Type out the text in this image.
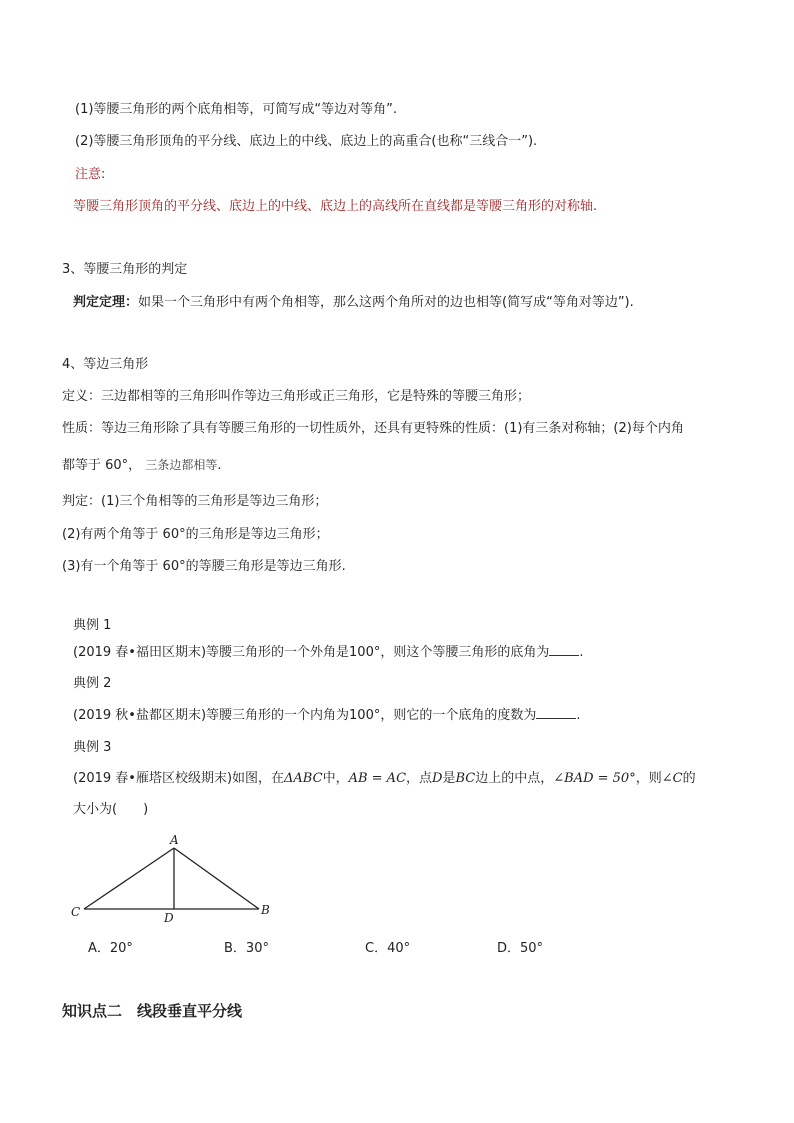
(1)等腰三角形的两个底角相等，可简写成“等边对等角”.
(2)等腰三角形顶角的平分线、底边上的中线、底边上的高重合(也称“三线合一”).
注意:
等腰三角形顶角的平分线、底边上的中线、底边上的高线所在直线都是等腰三角形的对称轴.
3、等腰三角形的判定
判定定理：如果一个三角形中有两个角相等，那么这两个角所对的边也相等(简写成“等角对等边”).
4、等边三角形
定义：三边都相等的三角形叫作等边三角形或正三角形，它是特殊的等腰三角形；
性质：等边三角形除了具有等腰三角形的一切性质外，还具有更特殊的性质：(1)有三条对称轴；(2)每个内角
都等于 60°， 三条边都相等.
判定：(1)三个角相等的三角形是等边三角形；
(2)有两个角等于 60°的三角形是等边三角形；
(3)有一个角等于 60°的等腰三角形是等边三角形.
典例 1
(2019 春•福田区期末)等腰三角形的一个外角是100°，则这个等腰三角形的底角为 .
典例 2
(2019 秋•盐都区期末)等腰三角形的一个内角为100°，则它的一个底角的度数为	.
典例 3
(2019 春•雁塔区校级期末)如图，在ΔABC中，AB = AC，点D是BC边上的中点，∠BAD = 50°，则∠C的
大小为(　　)
A
C	B
D
A．20°	B．30°	C．40°	D．50°
知识点二　线段垂直平分线
